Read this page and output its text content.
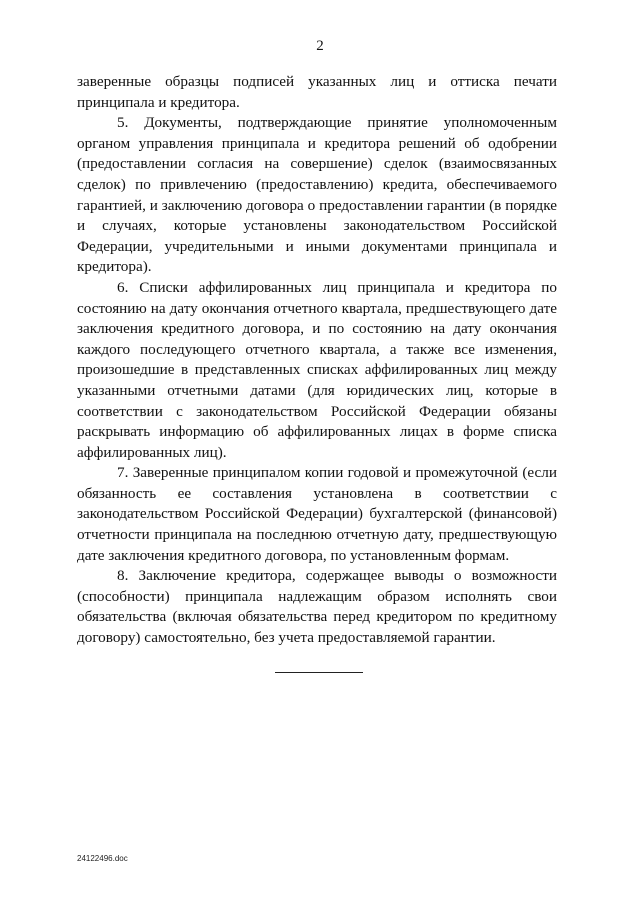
2

заверенные образцы подписей указанных лиц и оттиска печати принципала и кредитора.

5. Документы, подтверждающие принятие уполномоченным органом управления принципала и кредитора решений об одобрении (предоставлении согласия на совершение) сделок (взаимосвязанных сделок) по привлечению (предоставлению) кредита, обеспечиваемого гарантией, и заключению договора о предоставлении гарантии (в порядке и случаях, которые установлены законодательством Российской Федерации, учредительными и иными документами принципала и кредитора).

6. Списки аффилированных лиц принципала и кредитора по состоянию на дату окончания отчетного квартала, предшествующего дате заключения кредитного договора, и по состоянию на дату окончания каждого последующего отчетного квартала, а также все изменения, произошедшие в представленных списках аффилированных лиц между указанными отчетными датами (для юридических лиц, которые в соответствии с законодательством Российской Федерации обязаны раскрывать информацию об аффилированных лицах в форме списка аффилированных лиц).

7. Заверенные принципалом копии годовой и промежуточной (если обязанность ее составления установлена в соответствии с законодательством Российской Федерации) бухгалтерской (финансовой) отчетности принципала на последнюю отчетную дату, предшествующую дате заключения кредитного договора, по установленным формам.

8. Заключение кредитора, содержащее выводы о возможности (способности) принципала надлежащим образом исполнять свои обязательства (включая обязательства перед кредитором по кредитному договору) самостоятельно, без учета предоставляемой гарантии.

24122496.doc
